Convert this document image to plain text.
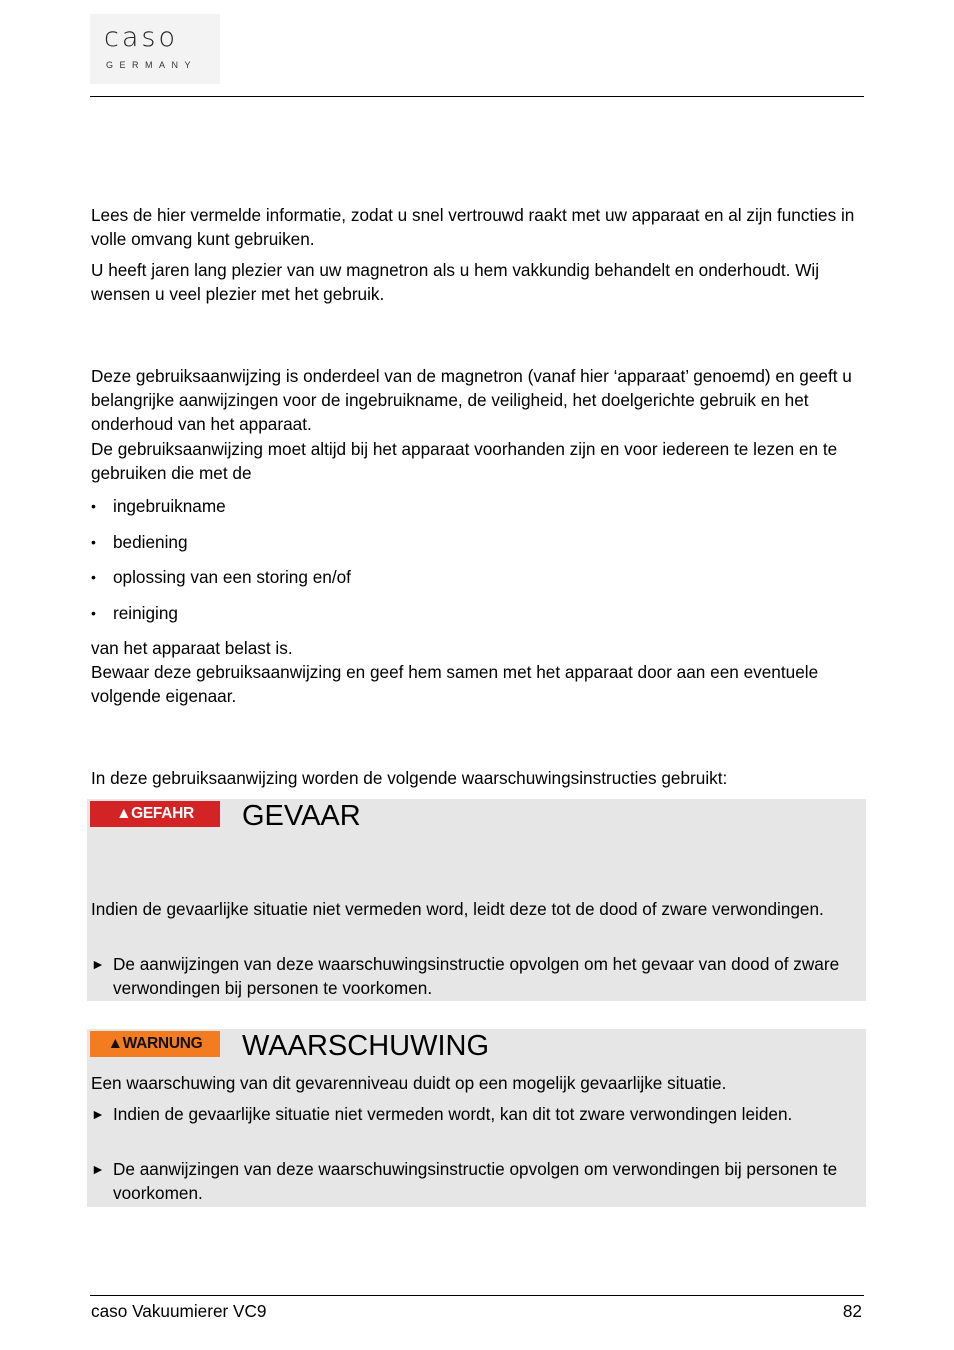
caso
GERMANY

Lees de hier vermelde informatie, zodat u snel vertrouwd raakt met uw apparaat en al zijn functies in volle omvang kunt gebruiken.

U heeft jaren lang plezier van uw magnetron als u hem vakkundig behandelt en onderhoudt. Wij wensen u veel plezier met het gebruik.

Deze gebruiksaanwijzing is onderdeel van de magnetron (vanaf hier ‘apparaat’ genoemd) en geeft u belangrijke aanwijzingen voor de ingebruikname, de veiligheid, het doelgerichte gebruik en het onderhoud van het apparaat.

De gebruiksaanwijzing moet altijd bij het apparaat voorhanden zijn en voor iedereen te lezen en te gebruiken die met de

• ingebruikname
• bediening
• oplossing van een storing en/of
• reiniging

van het apparaat belast is.

Bewaar deze gebruiksaanwijzing en geef hem samen met het apparaat door aan een eventuele volgende eigenaar.

In deze gebruiksaanwijzing worden de volgende waarschuwingsinstructies gebruikt:

▲GEFAHR	GEVAAR

Indien de gevaarlijke situatie niet vermeden word, leidt deze tot de dood of zware verwondingen.

► De aanwijzingen van deze waarschuwingsinstructie opvolgen om het gevaar van dood of zware verwondingen bij personen te voorkomen.
▲WARNUNG	WAARSCHUWING

Een waarschuwing van dit gevarenniveau duidt op een mogelijk gevaarlijke situatie.

► Indien de gevaarlijke situatie niet vermeden wordt, kan dit tot zware verwondingen leiden.
► De aanwijzingen van deze waarschuwingsinstructie opvolgen om verwondingen bij personen te voorkomen.
caso Vakuumierer VC9	82
